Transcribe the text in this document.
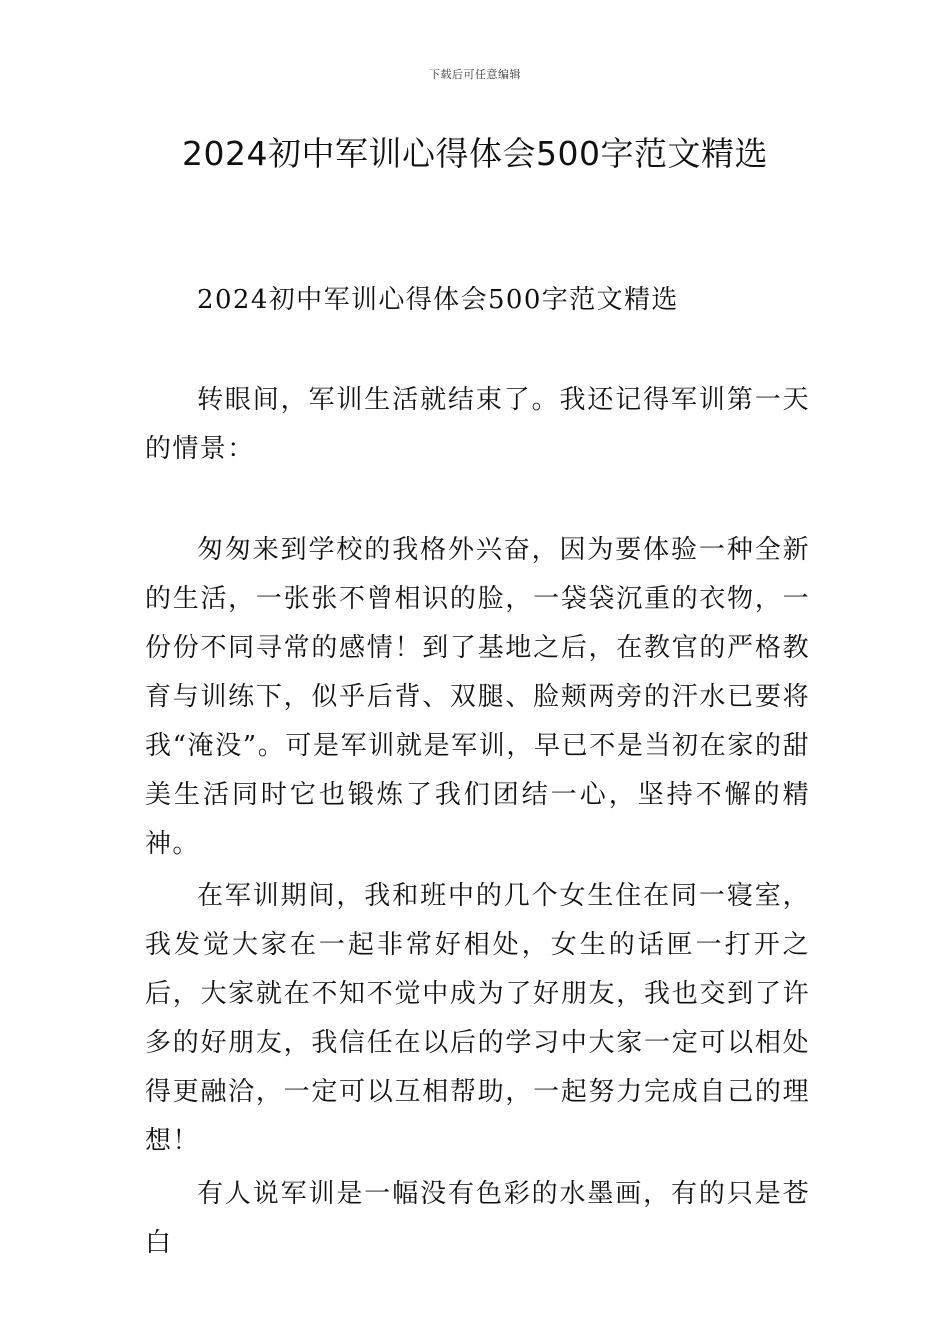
下载后可任意编辑
2024初中军训心得体会500字范文精选

2024初中军训心得体会500字范文精选

转眼间，军训生活就结束了。我还记得军训第一天的情景：

匆匆来到学校的我格外兴奋，因为要体验一种全新的生活，一张张不曾相识的脸，一袋袋沉重的衣物，一份份不同寻常的感情！到了基地之后，在教官的严格教育与训练下，似乎后背、双腿、脸颊两旁的汗水已要将我“淹没”。可是军训就是军训，早已不是当初在家的甜美生活同时它也锻炼了我们团结一心，坚持不懈的精神。

在军训期间，我和班中的几个女生住在同一寝室，我发觉大家在一起非常好相处，女生的话匣一打开之后，大家就在不知不觉中成为了好朋友，我也交到了许多的好朋友，我信任在以后的学习中大家一定可以相处得更融洽，一定可以互相帮助，一起努力完成自己的理想！

有人说军训是一幅没有色彩的水墨画，有的只是苍白
